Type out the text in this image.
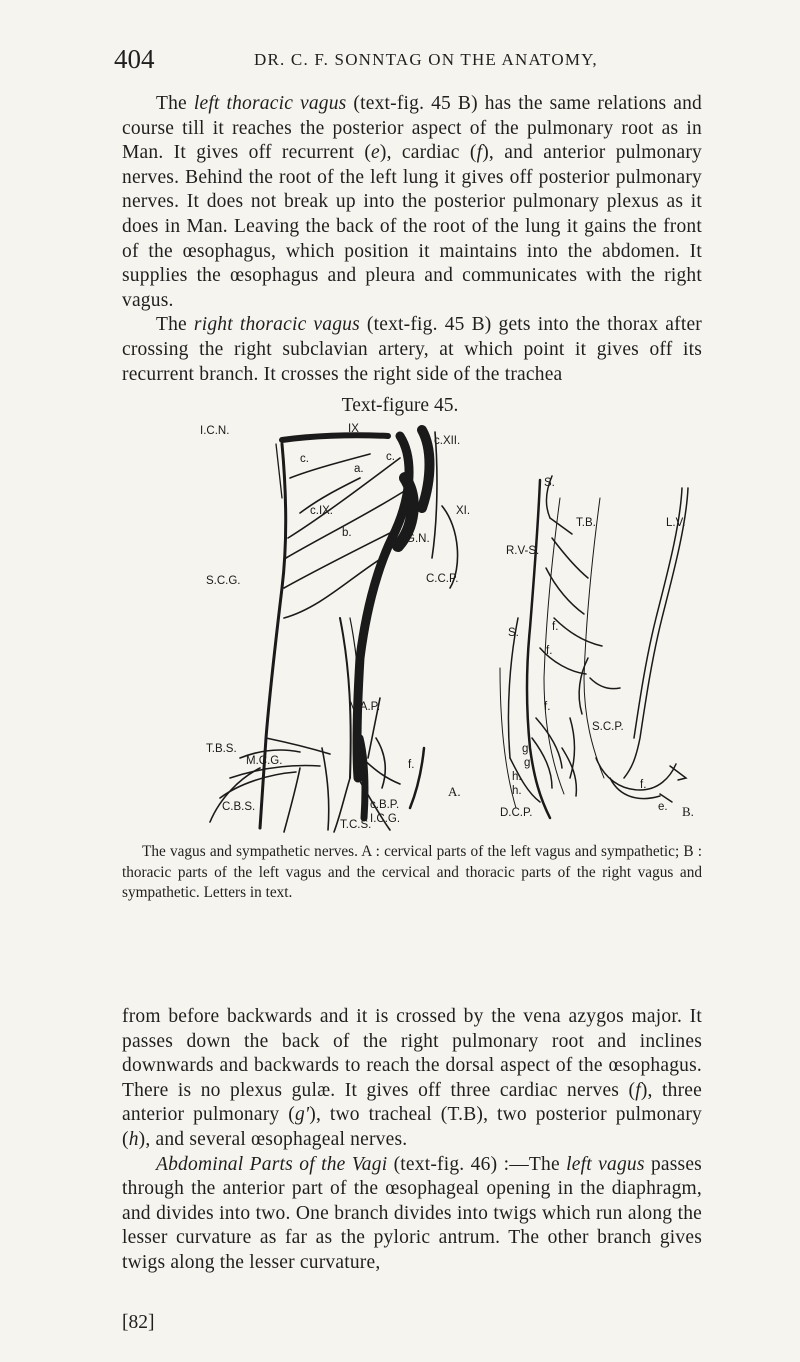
404	DR. C. F. SONNTAG ON THE ANATOMY,

The left thoracic vagus (text-fig. 45 B) has the same relations and course till it reaches the posterior aspect of the pulmonary root as in Man. It gives off recurrent (e), cardiac (f), and anterior pulmonary nerves. Behind the root of the left lung it gives off posterior pulmonary nerves. It does not break up into the posterior pulmonary plexus as it does in Man. Leaving the back of the root of the lung it gains the front of the œsophagus, which position it maintains into the abdomen. It supplies the œsophagus and pleura and communicates with the right vagus.

The right thoracic vagus (text-fig. 45 B) gets into the thorax after crossing the right subclavian artery, at which point it gives off its recurrent branch. It crosses the right side of the trachea

Text-figure 45.
I.C.N.	IX
c.XII.
c.	c.
a.
c.IX.	XI.
b.	G.N.
S.C.G.	C.C.P.
V.A.P.
T.B.S.
M.C.G.	f.
C.B.S.	c.B.P.
I.C.G.
T.C.S.
A.
S.
T.B.	L.V.
R.V-S.
S.	f.
f.
f.
S.C.P.
g'
g'
h.
h.
D.C.P.
f.
e. B.

The vagus and sympathetic nerves. A : cervical parts of the left vagus and sympathetic; B : thoracic parts of the left vagus and the cervical and thoracic parts of the right vagus and sympathetic. Letters in text.

from before backwards and it is crossed by the vena azygos major. It passes down the back of the right pulmonary root and inclines downwards and backwards to reach the dorsal aspect of the œsophagus. There is no plexus gulæ. It gives off three cardiac nerves (f), three anterior pulmonary (g'), two tracheal (T.B), two posterior pulmonary (h), and several œsophageal nerves.

Abdominal Parts of the Vagi (text-fig. 46) :—The left vagus passes through the anterior part of the œsophageal opening in the diaphragm, and divides into two. One branch divides into twigs which run along the lesser curvature as far as the pyloric antrum. The other branch gives twigs along the lesser curvature,

[82]
